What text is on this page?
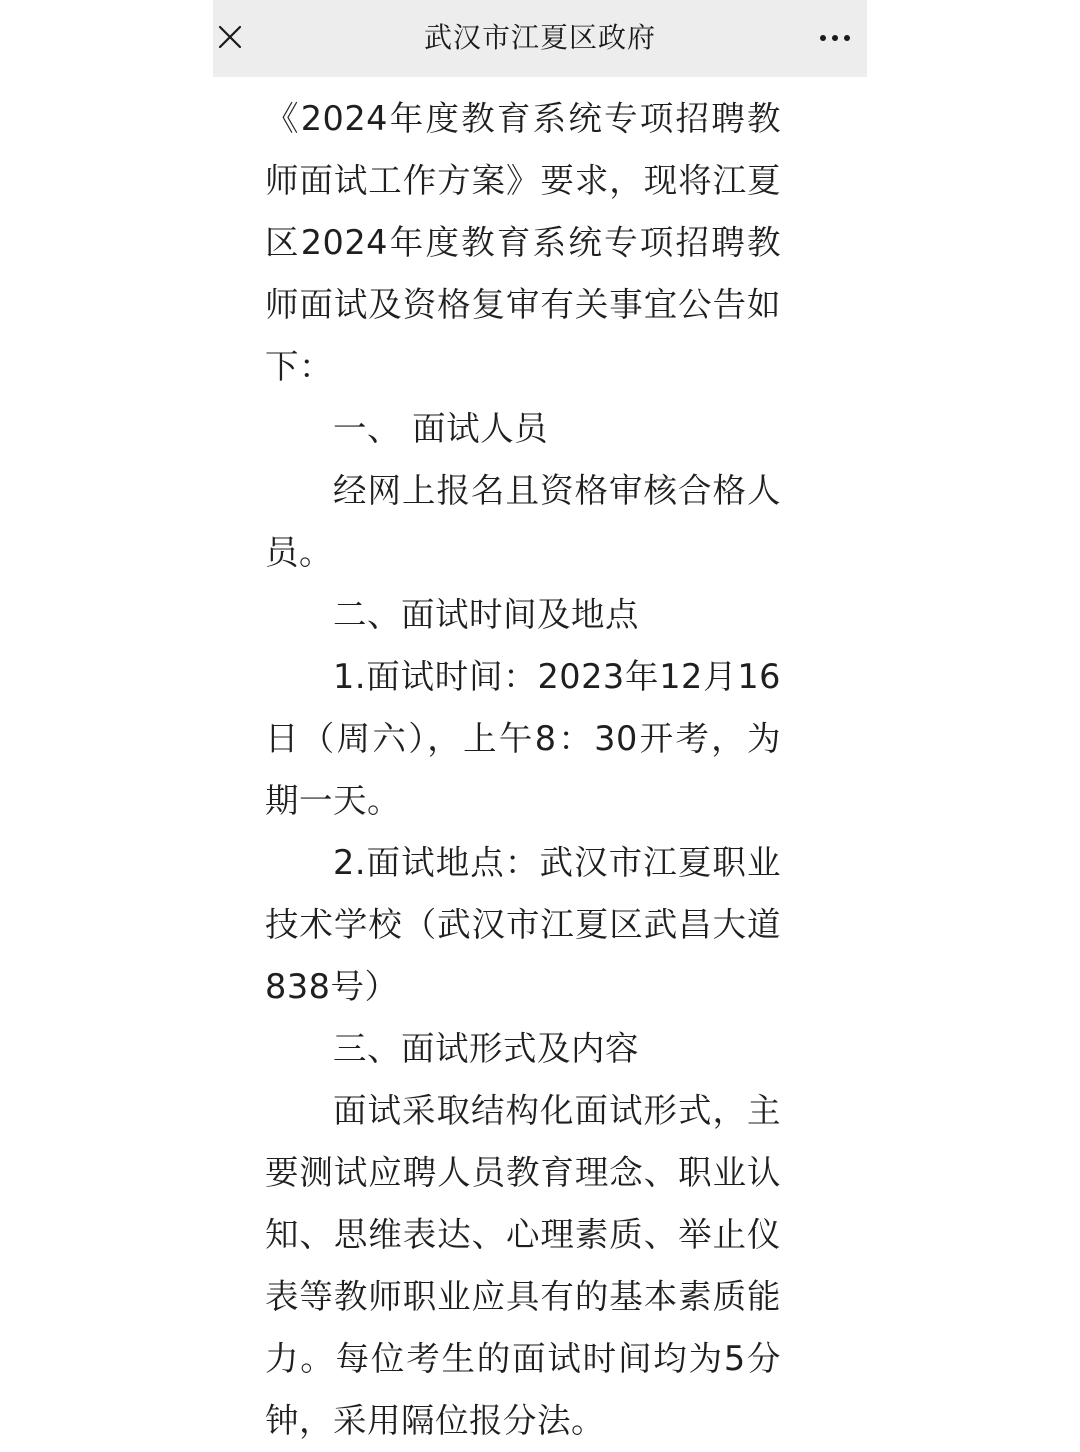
武汉市江夏区政府

《2024年度教育系统专项招聘教师面试工作方案》要求，现将江夏区2024年度教育系统专项招聘教师面试及资格复审有关事宜公告如下：

一、 面试人员

经网上报名且资格审核合格人员。

二、面试时间及地点

1.面试时间：2023年12月16日（周六），上午8：30开考，为期一天。

2.面试地点：武汉市江夏职业技术学校（武汉市江夏区武昌大道838号）

三、面试形式及内容

面试采取结构化面试形式，主要测试应聘人员教育理念、职业认知、思维表达、心理素质、举止仪表等教师职业应具有的基本素质能力。每位考生的面试时间均为5分钟，采用隔位报分法。
